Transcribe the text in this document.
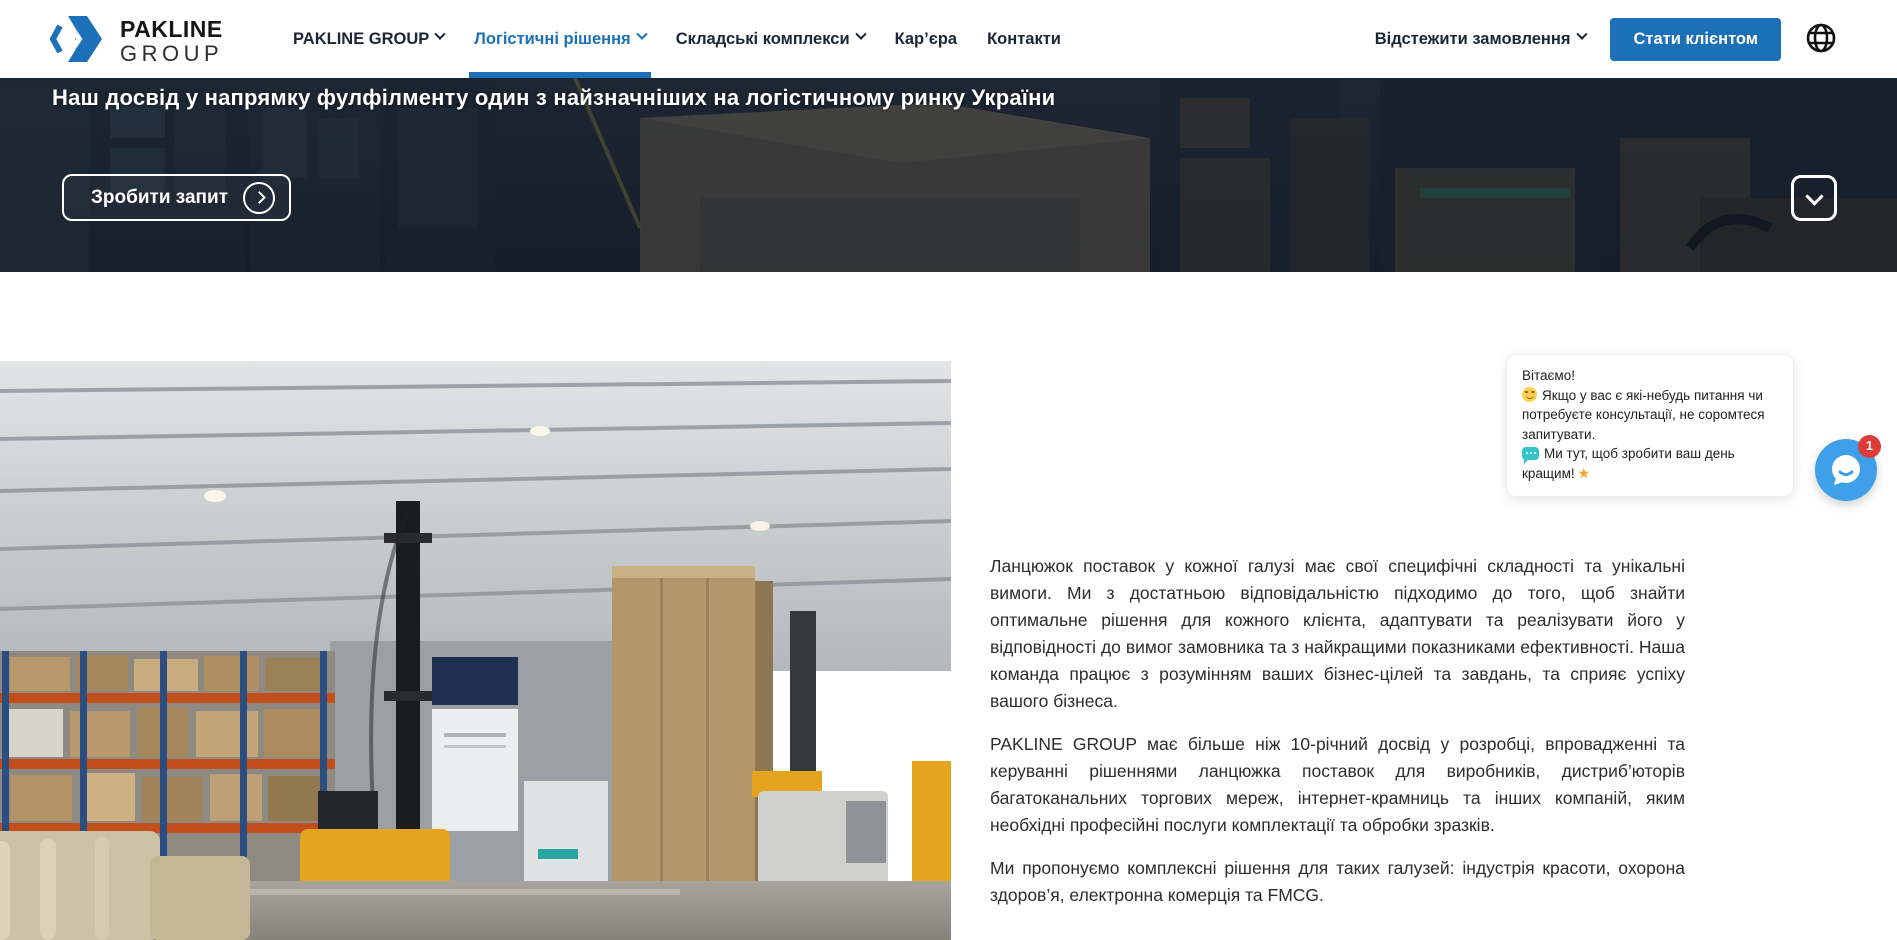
PAKLINE
GROUP
PAKLINE GROUP	Логістичні рішення	Складські комплекси	Кар’єра Контакти	Відстежити замовлення	Стати клієнтом
Наш досвід у напрямку фулфілменту один з найзначніших на логістичному ринку України
Зробити запит

Ланцюжок поставок у кожної галузі має свої специфічні складності та унікальні вимоги. Ми з достатньою відповідальністю підходимо до того, щоб знайти оптимальне рішення для кожного клієнта, адаптувати та реалізувати його у відповідності до вимог замовника та з найкращими показниками ефективності. Наша команда працює з розумінням ваших бізнес-цілей та завдань, та сприяє успіху вашого бізнеса.

PAKLINE GROUP має більше ніж 10-річний досвід у розробці, впровадженні та керуванні рішеннями ланцюжка поставок для виробників, дистриб’юторів багатоканальних торгових мереж, інтернет-крамниць та інших компаній, яким необхідні професійні послуги комплектації та обробки зразків.

Ми пропонуємо комплексні рішення для таких галузей: індустрія красоти, охорона здоров’я, електронна комерція та FMCG.

Вітаємо!

Якщо у вас є які-небудь питання чи потребуєте консультації, не соромтеся запитувати.

Ми тут, щоб зробити ваш день кращим! ★

1
